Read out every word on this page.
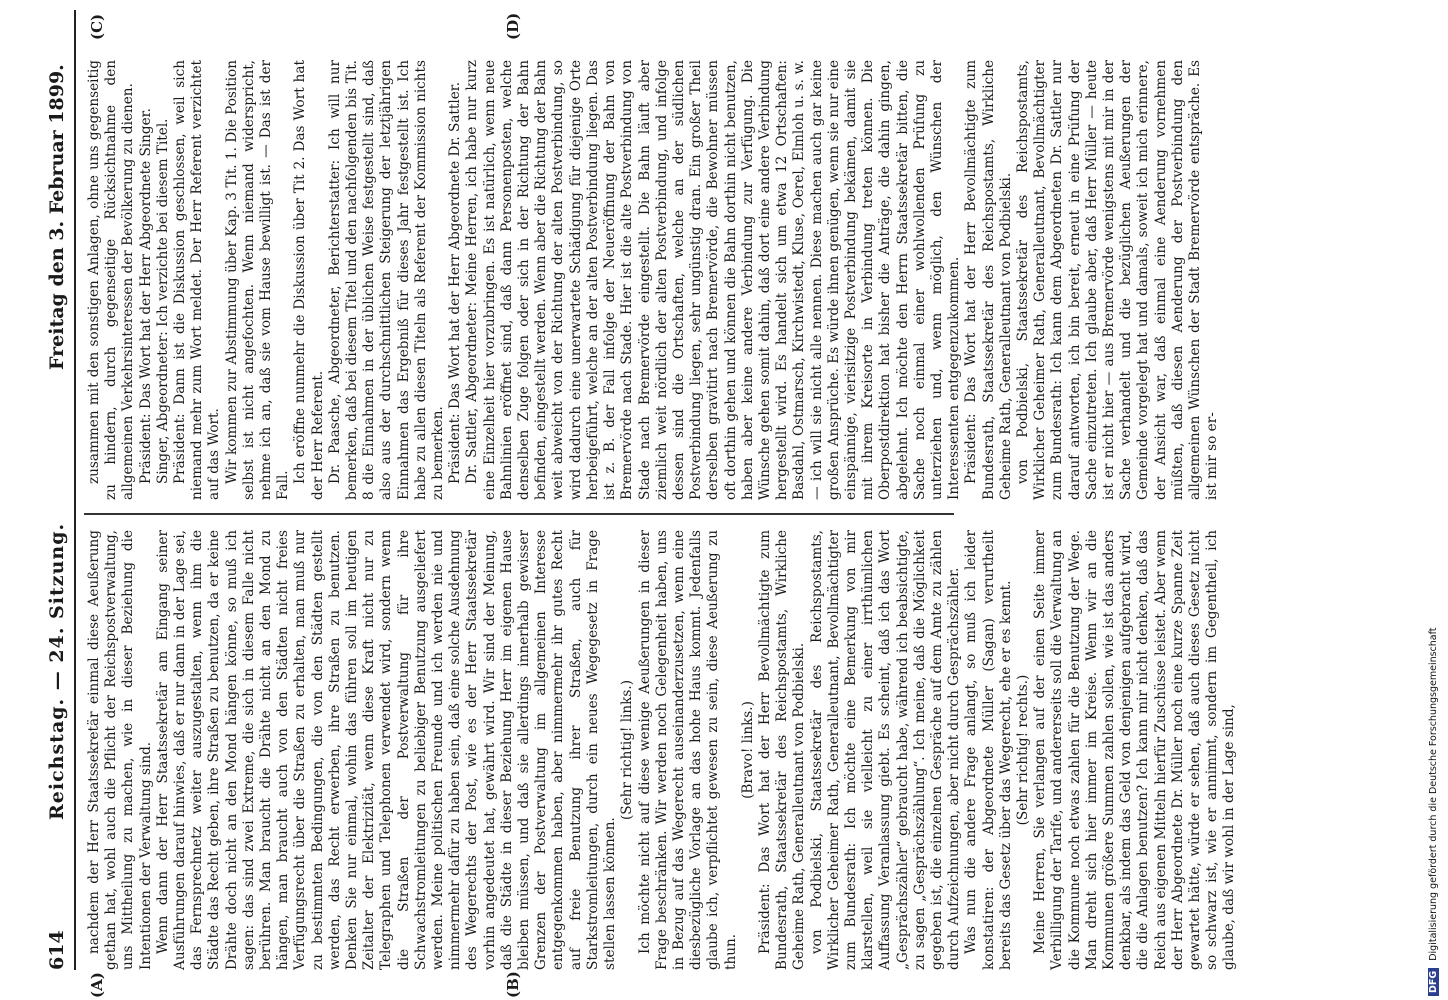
614
Reichstag. — 24. Sitzung.
Freitag den 3. Februar 1899.
(A)	(B)
(C)	(D)

nachdem der Herr Staatssekretär einmal diese Aeußerung gethan hat, wohl auch die Pflicht der Reichspostverwaltung, uns Mittheilung zu machen, wie in dieser Beziehung die Intentionen der Verwaltung sind. Wenn dann der Herr Staatssekretär am Eingang seiner Ausführungen darauf hinwies, daß er nur dann in der Lage sei, das Fernsprechnetz weiter auszugestalten, wenn ihm die Städte das Recht geben, ihre Straßen zu benutzen, da er keine Drähte doch nicht an den Mond hängen könne, so muß ich sagen: das sind zwei Extreme, die sich in diesem Falle nicht berühren. Man braucht die Drähte nicht an den Mond zu hängen, man braucht auch von den Städten nicht freies Verfügungsrecht über die Straßen zu erhalten, man muß nur zu bestimmten Bedingungen, die von den Städten gestellt werden, das Recht erwerben, ihre Straßen zu benutzen. Denken Sie nur einmal, wohin das führen soll im heutigen Zeitalter der Elektrizität, wenn diese Kraft nicht nur zu Telegraphen und Telephonen verwendet wird, sondern wenn die Straßen der Postverwaltung für ihre Schwachstromleitungen zu beliebiger Benutzung ausgeliefert werden. Meine politischen Freunde und ich werden nie und nimmermehr dafür zu haben sein, daß eine solche Ausdehnung des Wegerechts der Post, wie es der Herr Staatssekretär vorhin angedeutet hat, gewährt wird. Wir sind der Meinung, daß die Städte in dieser Beziehung Herr im eigenen Hause bleiben müssen, und daß sie allerdings innerhalb gewisser Grenzen der Postverwaltung im allgemeinen Interesse entgegenkommen haben, aber nimmermehr ihr gutes Recht auf freie Benutzung ihrer Straßen, auch für Starkstromleitungen, durch ein neues Wegegesetz in Frage stellen lassen können.

(Sehr richtig! links.) Ich möchte nicht auf diese wenige Aeußerungen in dieser Frage beschränken. Wir werden noch Gelegenheit haben, uns in Bezug auf das Wegerecht auseinanderzusetzen, wenn eine diesbezügliche Vorlage an das hohe Haus kommt. Jedenfalls glaube ich, verpflichtet gewesen zu sein, diese Aeußerung zu thun.

(Bravo! links.) Präsident: Das Wort hat der Herr Bevollmächtigte zum Bundesrath, Staatssekretär des Reichspostamts, Wirkliche Geheime Rath, Generalleutnant von Podbielski. von Podbielski, Staatssekretär des Reichspostamts, Wirklicher Geheimer Rath, Generalleutnant, Bevollmächtigter zum Bundesrath: Ich möchte eine Bemerkung von mir klarstellen, weil sie vielleicht zu einer irrthümlichen Auffassung Veranlassung giebt. Es scheint, daß ich das Wort „Gesprächszähler“ gebraucht habe, während ich beabsichtigte, zu sagen „Gesprächszählung“. Ich meine, daß die Möglichkeit gegeben ist, die einzelnen Gespräche auf dem Amte zu zählen durch Aufzeichnungen, aber nicht durch Gesprächszähler. Was nun die andere Frage anlangt, so muß ich leider konstatiren: der Abgeordnete Müller (Sagan) verurtheilt bereits das Gesetz über das Wegerecht, ehe er es kennt. (Sehr richtig! rechts.) Meine Herren, Sie verlangen auf der einen Seite immer Verbilligung der Tarife, und andererseits soll die Verwaltung an die Kommune noch etwas zahlen für die Benutzung der Wege. Man dreht sich hier immer im Kreise. Wenn wir an die Kommunen größere Summen zahlen sollen, wie ist das anders denkbar, als indem das Geld von denjenigen aufgebracht wird, die die Anlagen benutzen? Ich kann mir nicht denken, daß das Reich aus eigenen Mitteln hierfür Zuschüsse leistet. Aber wenn der Herr Abgeordnete Dr. Müller noch eine kurze Spanne Zeit gewartet hätte, würde er sehen, daß auch dieses Gesetz nicht so schwarz ist, wie er annimmt, sondern im Gegentheil, ich glaube, daß wir wohl in der Lage sind,

zusammen mit den sonstigen Anlagen, ohne uns gegenseitig zu hindern, durch gegenseitige Rücksichtnahme den allgemeinen Verkehrsinteressen der Bevölkerung zu dienen. Präsident: Das Wort hat der Herr Abgeordnete Singer. Singer, Abgeordneter: Ich verzichte bei diesem Titel. Präsident: Dann ist die Diskussion geschlossen, weil sich niemand mehr zum Wort meldet. Der Herr Referent verzichtet auf das Wort. Wir kommen zur Abstimmung über Kap. 3 Tit. 1. Die Position selbst ist nicht angefochten. Wenn niemand widerspricht, nehme ich an, daß sie vom Hause bewilligt ist. — Das ist der Fall.

Ich eröffne nunmehr die Diskussion über Tit 2. Das Wort hat der Herr Referent. Dr. Paasche, Abgeordneter, Berichterstatter: Ich will nur bemerken, daß bei diesem Titel und den nachfolgenden bis Tit. 8 die Einnahmen in der üblichen Weise festgestellt sind, daß also aus der durchschnittlichen Steigerung der letztjährigen Einnahmen das Ergebniß für dieses Jahr festgestellt ist. Ich habe zu allen diesen Titeln als Referent der Kommission nichts zu bemerken. Präsident: Das Wort hat der Herr Abgeordnete Dr. Sattler. Dr. Sattler, Abgeordneter: Meine Herren, ich habe nur kurz eine Einzelheit hier vorzubringen. Es ist natürlich, wenn neue Bahnlinien eröffnet sind, daß dann Personenposten, welche denselben Zuge folgen oder sich in der Richtung der Bahn befinden, eingestellt werden. Wenn aber die Richtung der Bahn weit abweicht von der Richtung der alten Postverbindung, so wird dadurch eine unerwartete Schädigung für diejenige Orte herbeigeführt, welche an der alten Postverbindung liegen. Das ist z. B. der Fall infolge der Neueröffnung der Bahn von Bremervörde nach Stade. Hier ist die alte Postverbindung von Stade nach Bremervörde eingestellt. Die Bahn läuft aber ziemlich weit nördlich der alten Postverbindung, und infolge dessen sind die Ortschaften, welche an der südlichen Postverbindung liegen, sehr ungünstig dran. Ein großer Theil derselben gravitirt nach Bremervörde, die Bewohner müssen oft dorthin gehen und können die Bahn dorthin nicht benutzen, haben aber keine andere Verbindung zur Verfügung. Die Wünsche gehen somit dahin, daß dort eine andere Verbindung hergestellt wird. Es handelt sich um etwa 12 Ortschaften: Basdahl, Ostmarsch, Kirchwistedt, Kluse, Oerel, Elmloh u. s. w. — ich will sie nicht alle nennen. Diese machen auch gar keine großen Ansprüche. Es würde ihnen genügen, wenn sie nur eine einspännige, vierisitzige Postverbindung bekämen, damit sie mit ihrem Kreisorte in Verbindung treten können. Die Oberpostdirektion hat bisher die Anträge, die dahin gingen, abgelehnt. Ich möchte den Herrn Staatssekretär bitten, die Sache noch einmal einer wohlwollenden Prüfung zu unterziehen und, wenn möglich, den Wünschen der Interessenten entgegenzukommen. Präsident: Das Wort hat der Herr Bevollmächtigte zum Bundesrath, Staatssekretär des Reichspostamts, Wirkliche Geheime Rath, Generalleutnant von Podbielski. von Podbielski, Staatssekretär des Reichspostamts, Wirklicher Geheimer Rath, Generalleutnant, Bevollmächtigter zum Bundesrath: Ich kann dem Abgeordneten Dr. Sattler nur darauf antworten, ich bin bereit, erneut in eine Prüfung der Sache einzutreten. Ich glaube aber, daß Herr Müller — heute ist er nicht hier — aus Bremervörde wenigstens mit mir in der Sache verhandelt und die bezüglichen Aeußerungen der Gemeinde vorgelegt hat und damals, soweit ich mich erinnere, der Ansicht war, daß einmal eine Aenderung vornehmen müßten, daß diesen Aenderung der Postverbindung den allgemeinen Wünschen der Stadt Bremervörde entspräche. Es ist mir so er-

DFG Digitalisierung gefördert durch die Deutsche Forschungsgemeinschaft
